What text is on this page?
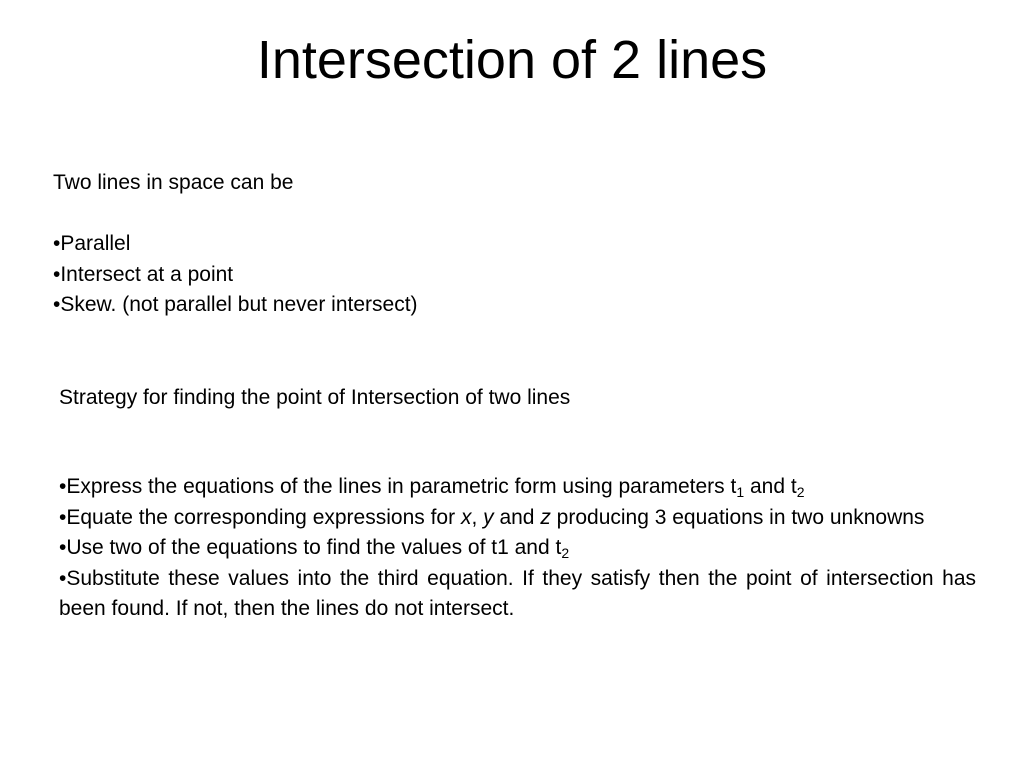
Intersection of 2 lines
Two lines in space can be
•Parallel
•Intersect at a point
•Skew. (not parallel but never intersect)
Strategy for finding the point of Intersection of two lines
•Express the equations of the lines in parametric form using parameters $t_1$ and $t_2$
•Equate the corresponding expressions for x, y and z producing 3 equations in two unknowns
•Use two of the equations to find the values of t1 and $t_2$
•Substitute these values into the third equation. If they satisfy then the point of intersection has been found. If not, then the lines do not intersect.
